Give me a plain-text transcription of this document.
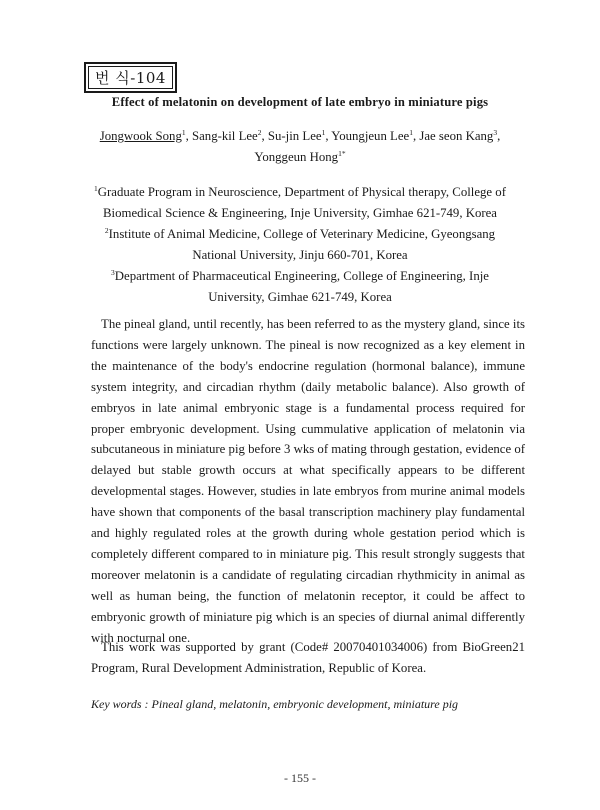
번 식-104
Effect of melatonin on development of late embryo in miniature pigs
Jongwook Song$^1$, Sang-kil Lee$^2$, Su-jin Lee$^1$, Youngjeun Lee$^1$, Jae seon Kang$^3$,
Yonggeun Hong$^{1*}$
$^1$Graduate Program in Neuroscience, Department of Physical therapy, College of
Biomedical Science & Engineering, Inje University, Gimhae 621-749, Korea
$^2$Institute of Animal Medicine, College of Veterinary Medicine, Gyeongsang
National University, Jinju 660-701, Korea
$^3$Department of Pharmaceutical Engineering, College of Engineering, Inje
University, Gimhae 621-749, Korea

The pineal gland, until recently, has been referred to as the mystery gland, since its functions were largely unknown. The pineal is now recognized as a key element in the maintenance of the body's endocrine regulation (hormonal balance), immune system integrity, and circadian rhythm (daily metabolic balance). Also growth of embryos in late animal embryonic stage is a fundamental process required for proper embryonic development. Using cummulative application of melatonin via subcutaneous in miniature pig before 3 wks of mating through gestation, evidence of delayed but stable growth occurs at what specifically appears to be different developmental stages. However, studies in late embryos from murine animal models have shown that components of the basal transcription machinery play fundamental and highly regulated roles at the growth during whole gestation period which is completely different compared to in miniature pig. This result strongly suggests that moreover melatonin is a candidate of regulating circadian rhythmicity in animal as well as human being, the function of melatonin receptor, it could be affect to embryonic growth of miniature pig which is an species of diurnal animal differently with nocturnal one.

This work was supported by grant (Code# 20070401034006) from BioGreen21 Program, Rural Development Administration, Republic of Korea.

Key words : Pineal gland, melatonin, embryonic development, miniature pig
- 155 -
